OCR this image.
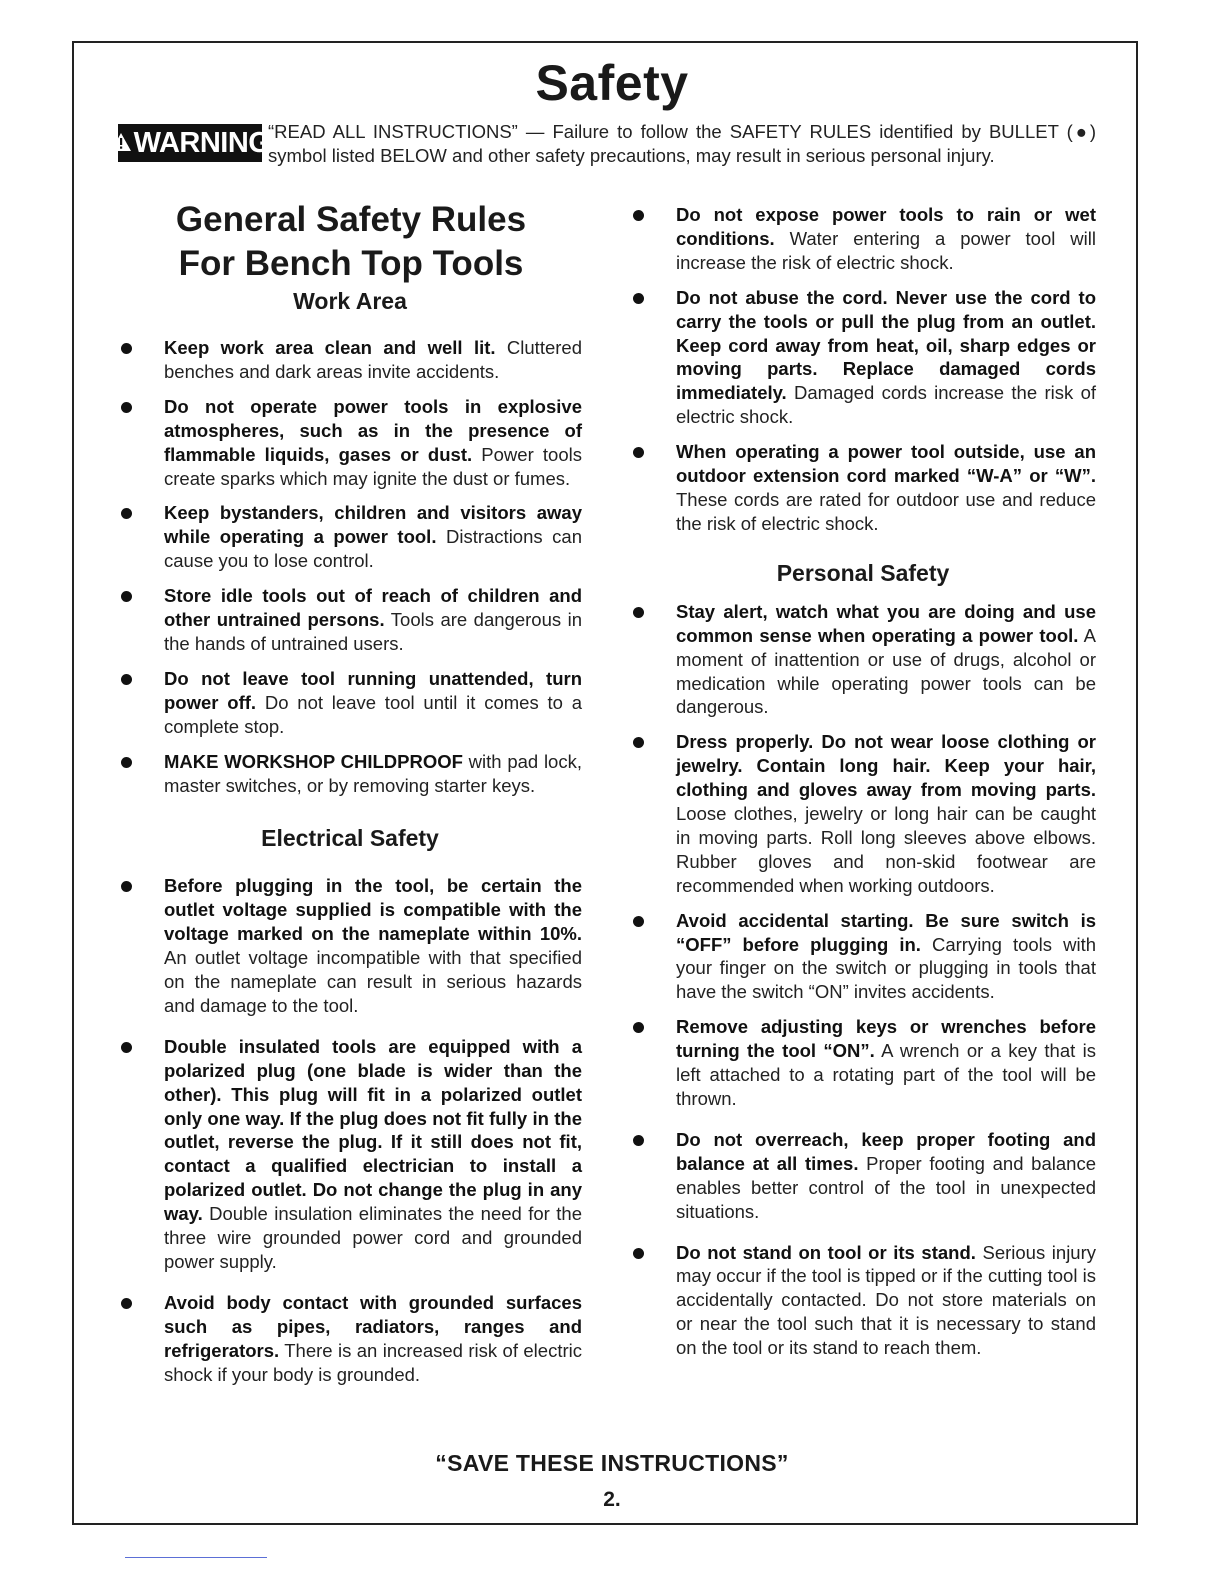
Safety
WARNING
“READ ALL INSTRUCTIONS” — Failure to follow the SAFETY RULES identified by BULLET (●) symbol listed BELOW and other safety precautions, may result in serious personal injury.
General Safety Rules
For Bench Top Tools
Work Area
Keep work area clean and well lit. Cluttered benches and dark areas invite accidents.
Do not operate power tools in explosive atmospheres, such as in the presence of flammable liquids, gases or dust. Power tools create sparks which may ignite the dust or fumes.
Keep bystanders, children and visitors away while operating a power tool. Distractions can cause you to lose control.
Store idle tools out of reach of children and other untrained persons. Tools are dangerous in the hands of untrained users.
Do not leave tool running unattended, turn power off. Do not leave tool until it comes to a complete stop.
MAKE WORKSHOP CHILDPROOF with pad lock, master switches, or by removing starter keys.
Electrical Safety
Before plugging in the tool, be certain the outlet voltage supplied is compatible with the voltage marked on the nameplate within 10%. An outlet voltage incompatible with that specified on the nameplate can result in serious hazards and damage to the tool.
Double insulated tools are equipped with a polarized plug (one blade is wider than the other). This plug will fit in a polarized outlet only one way. If the plug does not fit fully in the outlet, reverse the plug. If it still does not fit, contact a qualified electrician to install a polarized outlet. Do not change the plug in any way. Double insulation eliminates the need for the three wire grounded power cord and grounded power supply.
Avoid body contact with grounded surfaces such as pipes, radiators, ranges and refrigerators. There is an increased risk of electric shock if your body is grounded.
Do not expose power tools to rain or wet conditions. Water entering a power tool will increase the risk of electric shock.
Do not abuse the cord. Never use the cord to carry the tools or pull the plug from an outlet. Keep cord away from heat, oil, sharp edges or moving parts. Replace damaged cords immediately. Damaged cords increase the risk of electric shock.
When operating a power tool outside, use an outdoor extension cord marked “W-A” or “W”. These cords are rated for outdoor use and reduce the risk of electric shock.
Personal Safety
Stay alert, watch what you are doing and use common sense when operating a power tool. A moment of inattention or use of drugs, alcohol or medication while operating power tools can be dangerous.
Dress properly. Do not wear loose clothing or jewelry. Contain long hair. Keep your hair, clothing and gloves away from moving parts. Loose clothes, jewelry or long hair can be caught in moving parts. Roll long sleeves above elbows. Rubber gloves and non-skid footwear are recommended when working outdoors.
Avoid accidental starting. Be sure switch is “OFF” before plugging in. Carrying tools with your finger on the switch or plugging in tools that have the switch “ON” invites accidents.
Remove adjusting keys or wrenches before turning the tool “ON”. A wrench or a key that is left attached to a rotating part of the tool will be thrown.
Do not overreach, keep proper footing and balance at all times. Proper footing and balance enables better control of the tool in unexpected situations.
Do not stand on tool or its stand. Serious injury may occur if the tool is tipped or if the cutting tool is accidentally contacted. Do not store materials on or near the tool such that it is necessary to stand on the tool or its stand to reach them.
“SAVE THESE INSTRUCTIONS”
2.
